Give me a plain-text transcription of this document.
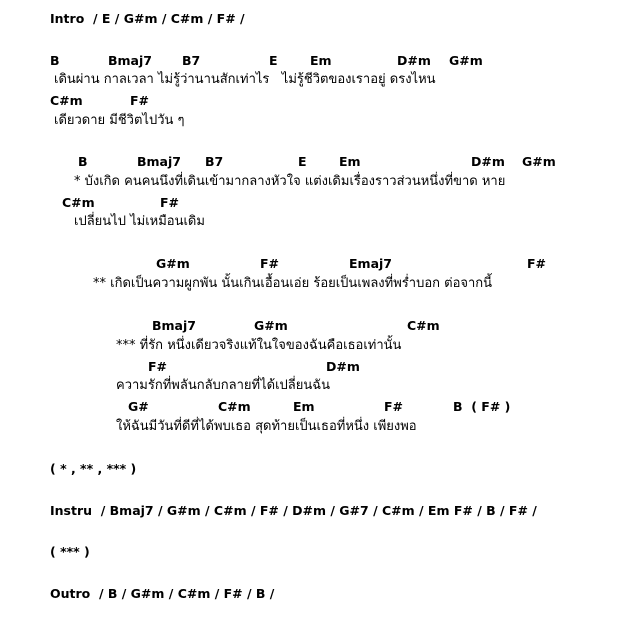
Intro  / E / G#m / C#m / F# /
B	Bmaj7 B7	E	Em	D#m G#m
เดินผ่าน กาลเวลา ไม่รู้ว่านานสักเท่าไร   ไม่รู้ชีวิตของเราอยู่ ดรงไหน
C#m	F#
เดียวดาย มีชีวิตไปวัน ๆ
B	Bmaj7 B7	E	Em	D#m G#m
* บังเกิด คนคนนึงที่เดินเข้ามากลางหัวใจ แต่งเดิมเรื่องราวส่วนหนึ่งที่ขาด หาย
C#m	F#
เปลี่ยนไป ไม่เหมือนเดิม
G#m	F#	Emaj7	F#
** เกิดเป็นความผูกพัน นั้นเกินเอื้อนเอ่ย ร้อยเป็นเพลงที่พร่ำบอก ต่อจากนี้
Bmaj7	G#m	C#m
*** ที่รัก หนึ่งเดียวจริงแท้ในใจของฉันคือเธอเท่านั้น
F#	D#m
ความรักที่พลันกลับกลายที่ได้เปลี่ยนฉัน
G#	C#m	Em	F#	B  ( F# )
ให้ฉันมีวันที่ดีที่ได้พบเธอ สุดท้ายเป็นเธอที่หนึ่ง เพียงพอ
( * , ** , *** )
Instru  / Bmaj7 / G#m / C#m / F# / D#m / G#7 / C#m / Em F# / B / F# /
( *** )
Outro  / B / G#m / C#m / F# / B /
